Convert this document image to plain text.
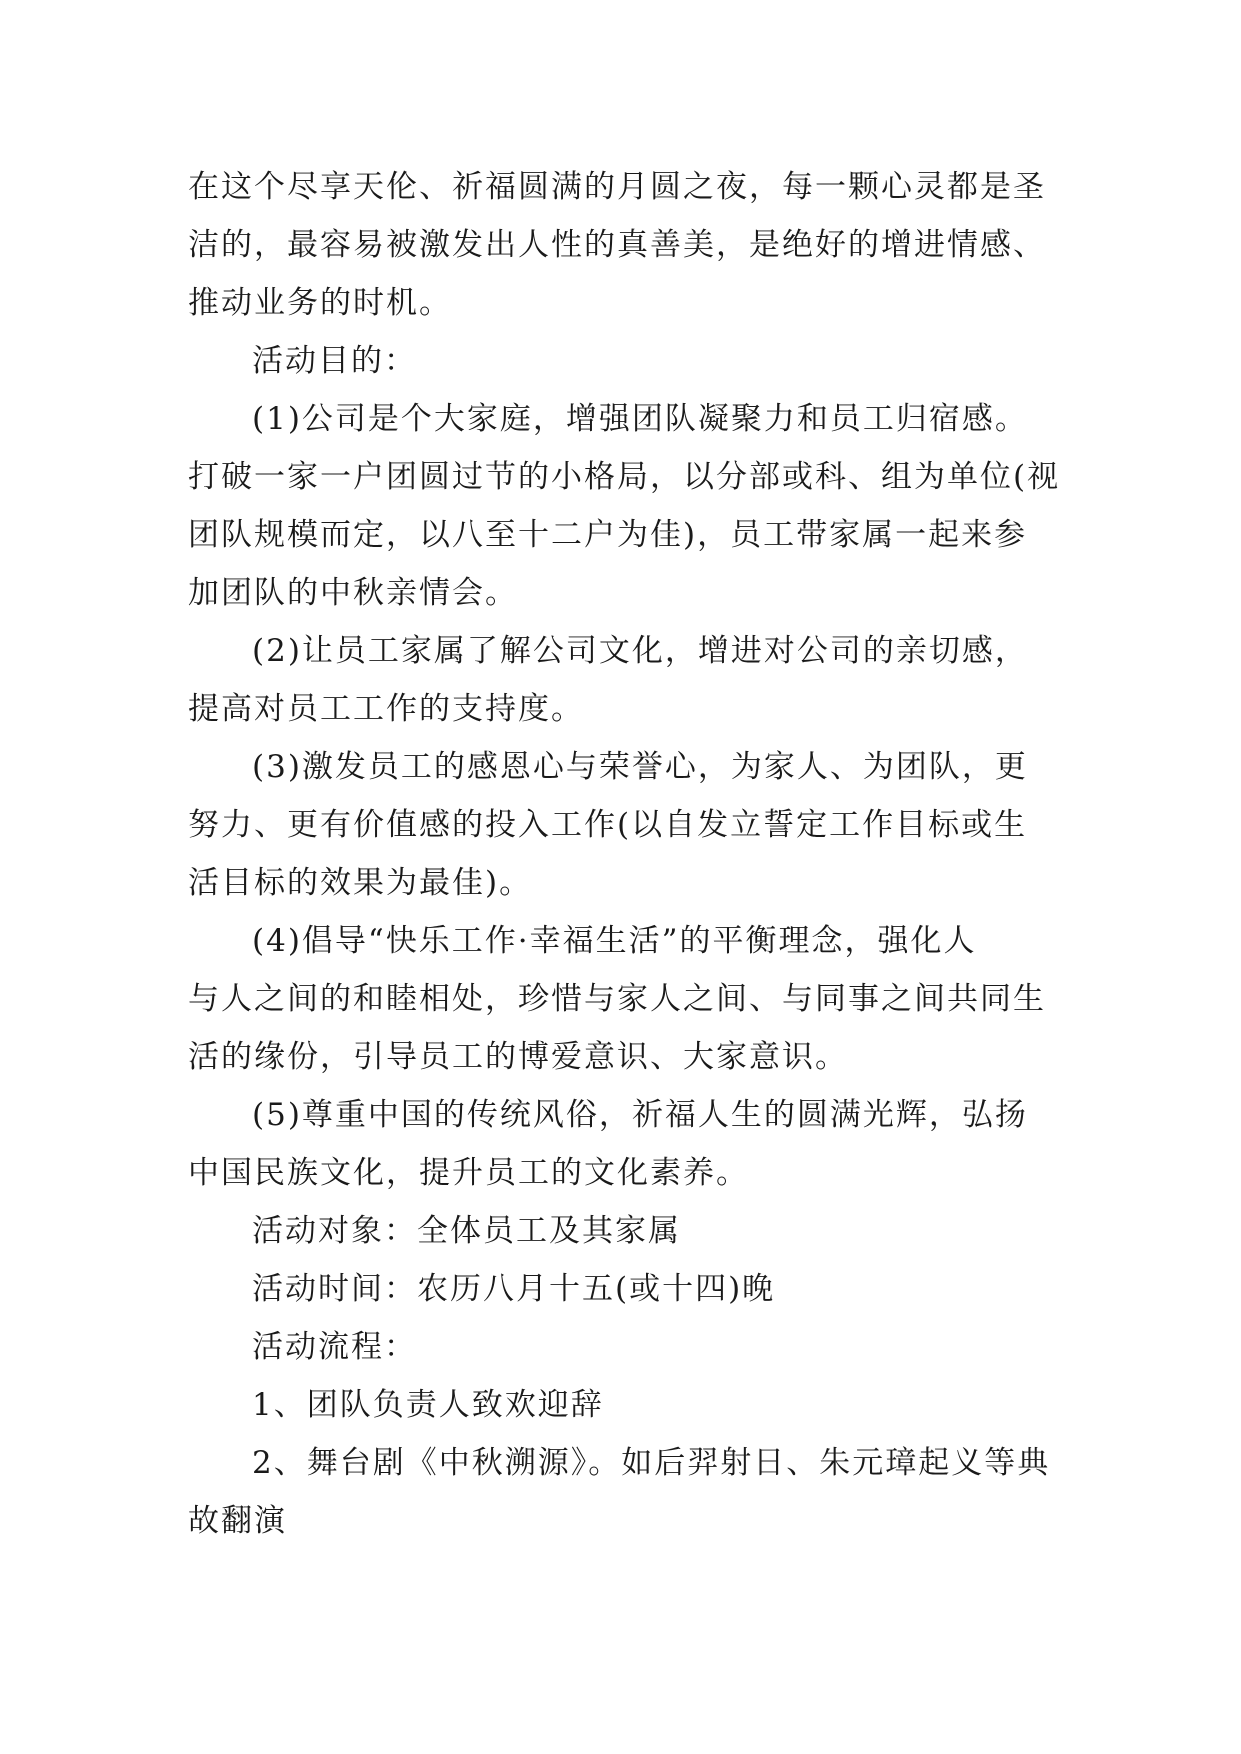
在这个尽享天伦、祈福圆满的月圆之夜，每一颗心灵都是圣
洁的，最容易被激发出人性的真善美，是绝好的增进情感、
推动业务的时机。
活动目的：
(1)公司是个大家庭，增强团队凝聚力和员工归宿感。
打破一家一户团圆过节的小格局，以分部或科、组为单位(视
团队规模而定，以八至十二户为佳)，员工带家属一起来参
加团队的中秋亲情会。
(2)让员工家属了解公司文化，增进对公司的亲切感，
提高对员工工作的支持度。
(3)激发员工的感恩心与荣誉心，为家人、为团队，更
努力、更有价值感的投入工作(以自发立誓定工作目标或生
活目标的效果为最佳)。
(4)倡导“快乐工作·幸福生活”的平衡理念，强化人
与人之间的和睦相处，珍惜与家人之间、与同事之间共同生
活的缘份，引导员工的博爱意识、大家意识。
(5)尊重中国的传统风俗，祈福人生的圆满光辉，弘扬
中国民族文化，提升员工的文化素养。
活动对象：全体员工及其家属
活动时间：农历八月十五(或十四)晚
活动流程：
1、团队负责人致欢迎辞
2、舞台剧《中秋溯源》。如后羿射日、朱元璋起义等典
故翻演
